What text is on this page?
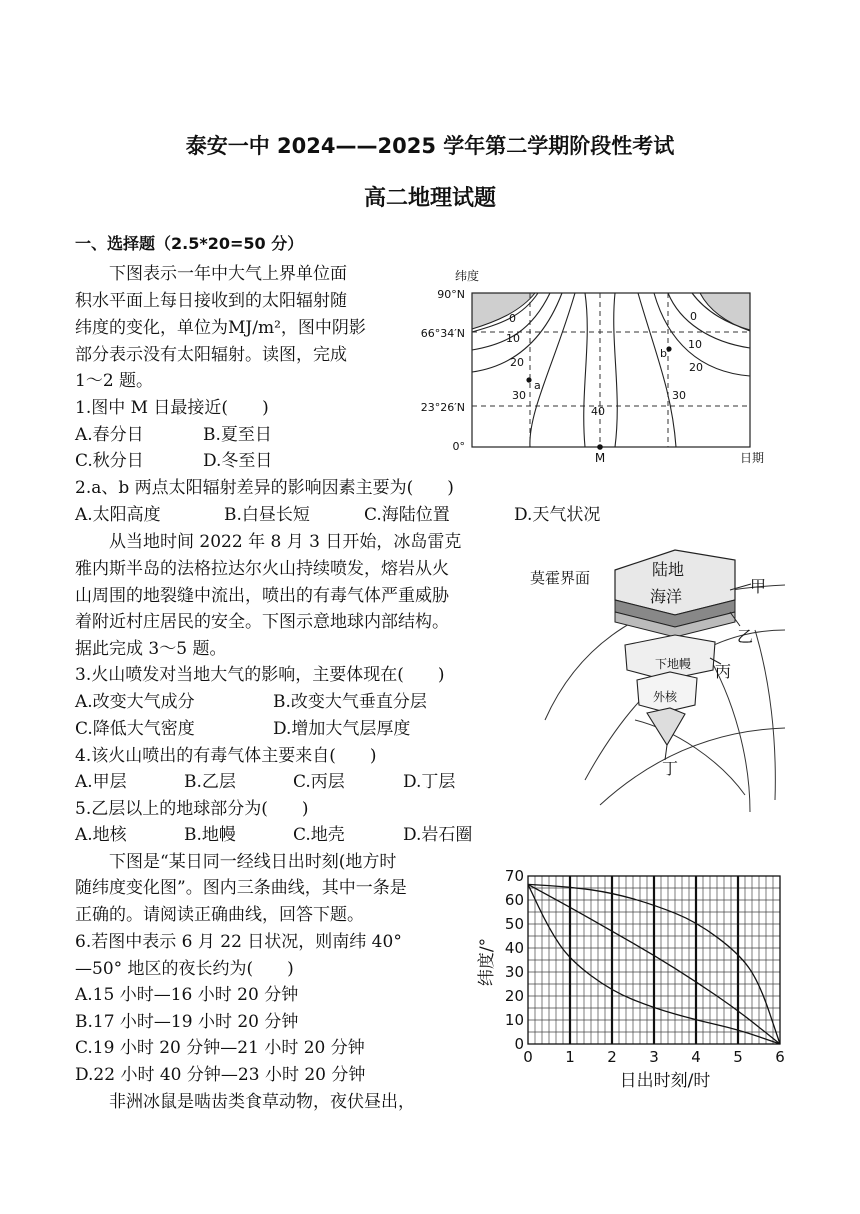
泰安一中 2024——2025 学年第二学期阶段性考试
高二地理试题
一、选择题（2.5*20=50 分）
下图表示一年中大气上界单位面
积水平面上每日接收到的太阳辐射随
纬度的变化，单位为MJ/m²，图中阴影
部分表示没有太阳辐射。读图，完成
1～2 题。
1.图中 M 日最接近(　　)
A.春分日	B.夏至日
C.秋分日	D.冬至日
2.a、b 两点太阳辐射差异的影响因素主要为(　　)
A.太阳高度	B.白昼长短	C.海陆位置	D.天气状况
从当地时间 2022 年 8 月 3 日开始，冰岛雷克
雅内斯半岛的法格拉达尔火山持续喷发，熔岩从火
山周围的地裂缝中流出，喷出的有毒气体严重威胁
着附近村庄居民的安全。下图示意地球内部结构。
据此完成 3～5 题。
3.火山喷发对当地大气的影响，主要体现在(　　)
A.改变大气成分	B.改变大气垂直分层
C.降低大气密度	D.增加大气层厚度
4.该火山喷出的有毒气体主要来自(　　)
A.甲层	B.乙层	C.丙层	D.丁层
5.乙层以上的地球部分为(　　)
A.地核	B.地幔	C.地壳	D.岩石圈
下图是“某日同一经线日出时刻(地方时
随纬度变化图”。图内三条曲线，其中一条是
正确的。请阅读正确曲线，回答下题。
6.若图中表示 6 月 22 日状况，则南纬 40°
—50° 地区的夜长约为(　　)
A.15 小时—16 小时 20 分钟
B.17 小时—19 小时 20 分钟
C.19 小时 20 分钟—21 小时 20 分钟
D.22 小时 40 分钟—23 小时 20 分钟
非洲冰鼠是啮齿类食草动物，夜伏昼出，
纬度
90°N
66°34′N
23°26′N
0°
0
10
20
30
40
30
20
10
0
a
b
M	日期
莫霍界面	陆地
海洋
甲
乙
下地幔 丙
外核
丁
0
10
20
30
40
50
60
70
0 1 2 3 4 5 6
日出时刻/时
纬度/°
